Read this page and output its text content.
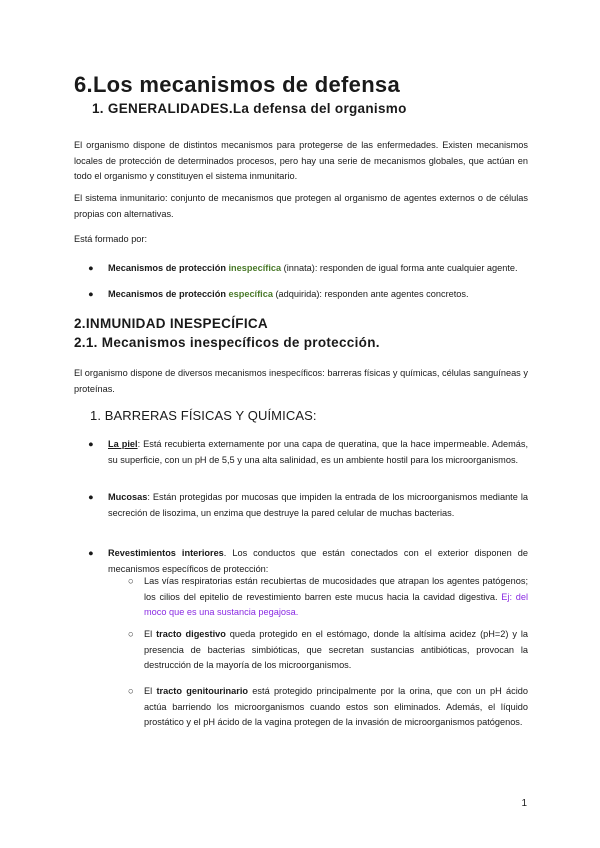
6.Los mecanismos de defensa
1. GENERALIDADES.La defensa del organismo

El organismo dispone de distintos mecanismos para protegerse de las enfermedades. Existen mecanismos locales de protección de determinados procesos, pero hay una serie de mecanismos globales, que actúan en todo el organismo y constituyen el sistema inmunitario.

El sistema inmunitario: conjunto de mecanismos que protegen al organismo de agentes externos o de células propias con alternativas.

Está formado por:

● Mecanismos de protección inespecífica (innata): responden de igual forma ante cualquier agente.
● Mecanismos de protección específica (adquirida): responden ante agentes concretos.
2.INMUNIDAD INESPECÍFICA
2.1. Mecanismos inespecíficos de protección.

El organismo dispone de diversos mecanismos inespecíficos: barreras físicas y químicas, células sanguíneas y proteínas.

1. BARRERAS FÍSICAS Y QUÍMICAS:
● La piel: Está recubierta externamente por una capa de queratina, que la hace impermeable. Además, su superficie, con un pH de 5,5 y una alta salinidad, es un ambiente hostil para los microorganismos.
● Mucosas: Están protegidas por mucosas que impiden la entrada de los microorganismos mediante la secreción de lisozima, un enzima que destruye la pared celular de muchas bacterias.
● Revestimientos interiores. Los conductos que están conectados con el exterior disponen de mecanismos específicos de protección:
○ Las vías respiratorias están recubiertas de mucosidades que atrapan los agentes patógenos; los cilios del epitelio de revestimiento barren este mucus hacia la cavidad digestiva. Ej: del moco que es una sustancia pegajosa.
○ El tracto digestivo queda protegido en el estómago, donde la altísima acidez (pH=2) y la presencia de bacterias simbióticas, que secretan sustancias antibióticas, provocan la destrucción de la mayoría de los microorganismos.
○ El tracto genitourinario está protegido principalmente por la orina, que con un pH ácido actúa barriendo los microorganismos cuando estos son eliminados. Además, el líquido prostático y el pH ácido de la vagina protegen de la invasión de microorganismos patógenos.
1
